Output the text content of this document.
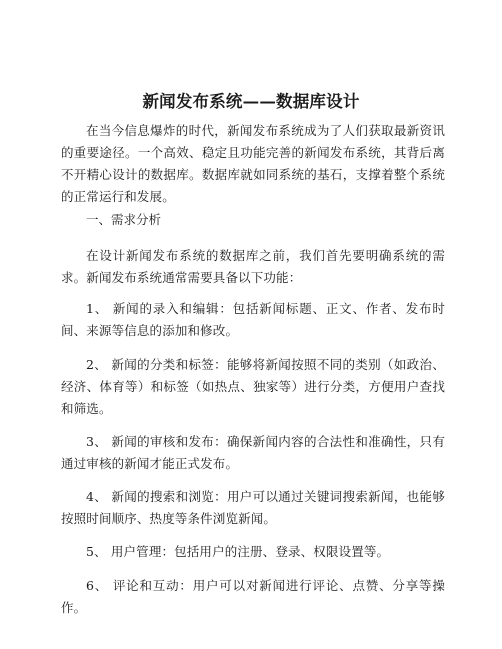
新闻发布系统——数据库设计
在当今信息爆炸的时代，新闻发布系统成为了人们获取最新资讯的重要途径。一个高效、稳定且功能完善的新闻发布系统，其背后离不开精心设计的数据库。数据库就如同系统的基石，支撑着整个系统的正常运行和发展。
一、需求分析
在设计新闻发布系统的数据库之前，我们首先要明确系统的需求。新闻发布系统通常需要具备以下功能：
1、 新闻的录入和编辑：包括新闻标题、正文、作者、发布时间、来源等信息的添加和修改。
2、 新闻的分类和标签：能够将新闻按照不同的类别（如政治、经济、体育等）和标签（如热点、独家等）进行分类，方便用户查找和筛选。
3、 新闻的审核和发布：确保新闻内容的合法性和准确性，只有通过审核的新闻才能正式发布。
4、 新闻的搜索和浏览：用户可以通过关键词搜索新闻，也能够按照时间顺序、热度等条件浏览新闻。
5、 用户管理：包括用户的注册、登录、权限设置等。
6、 评论和互动：用户可以对新闻进行评论、点赞、分享等操作。
